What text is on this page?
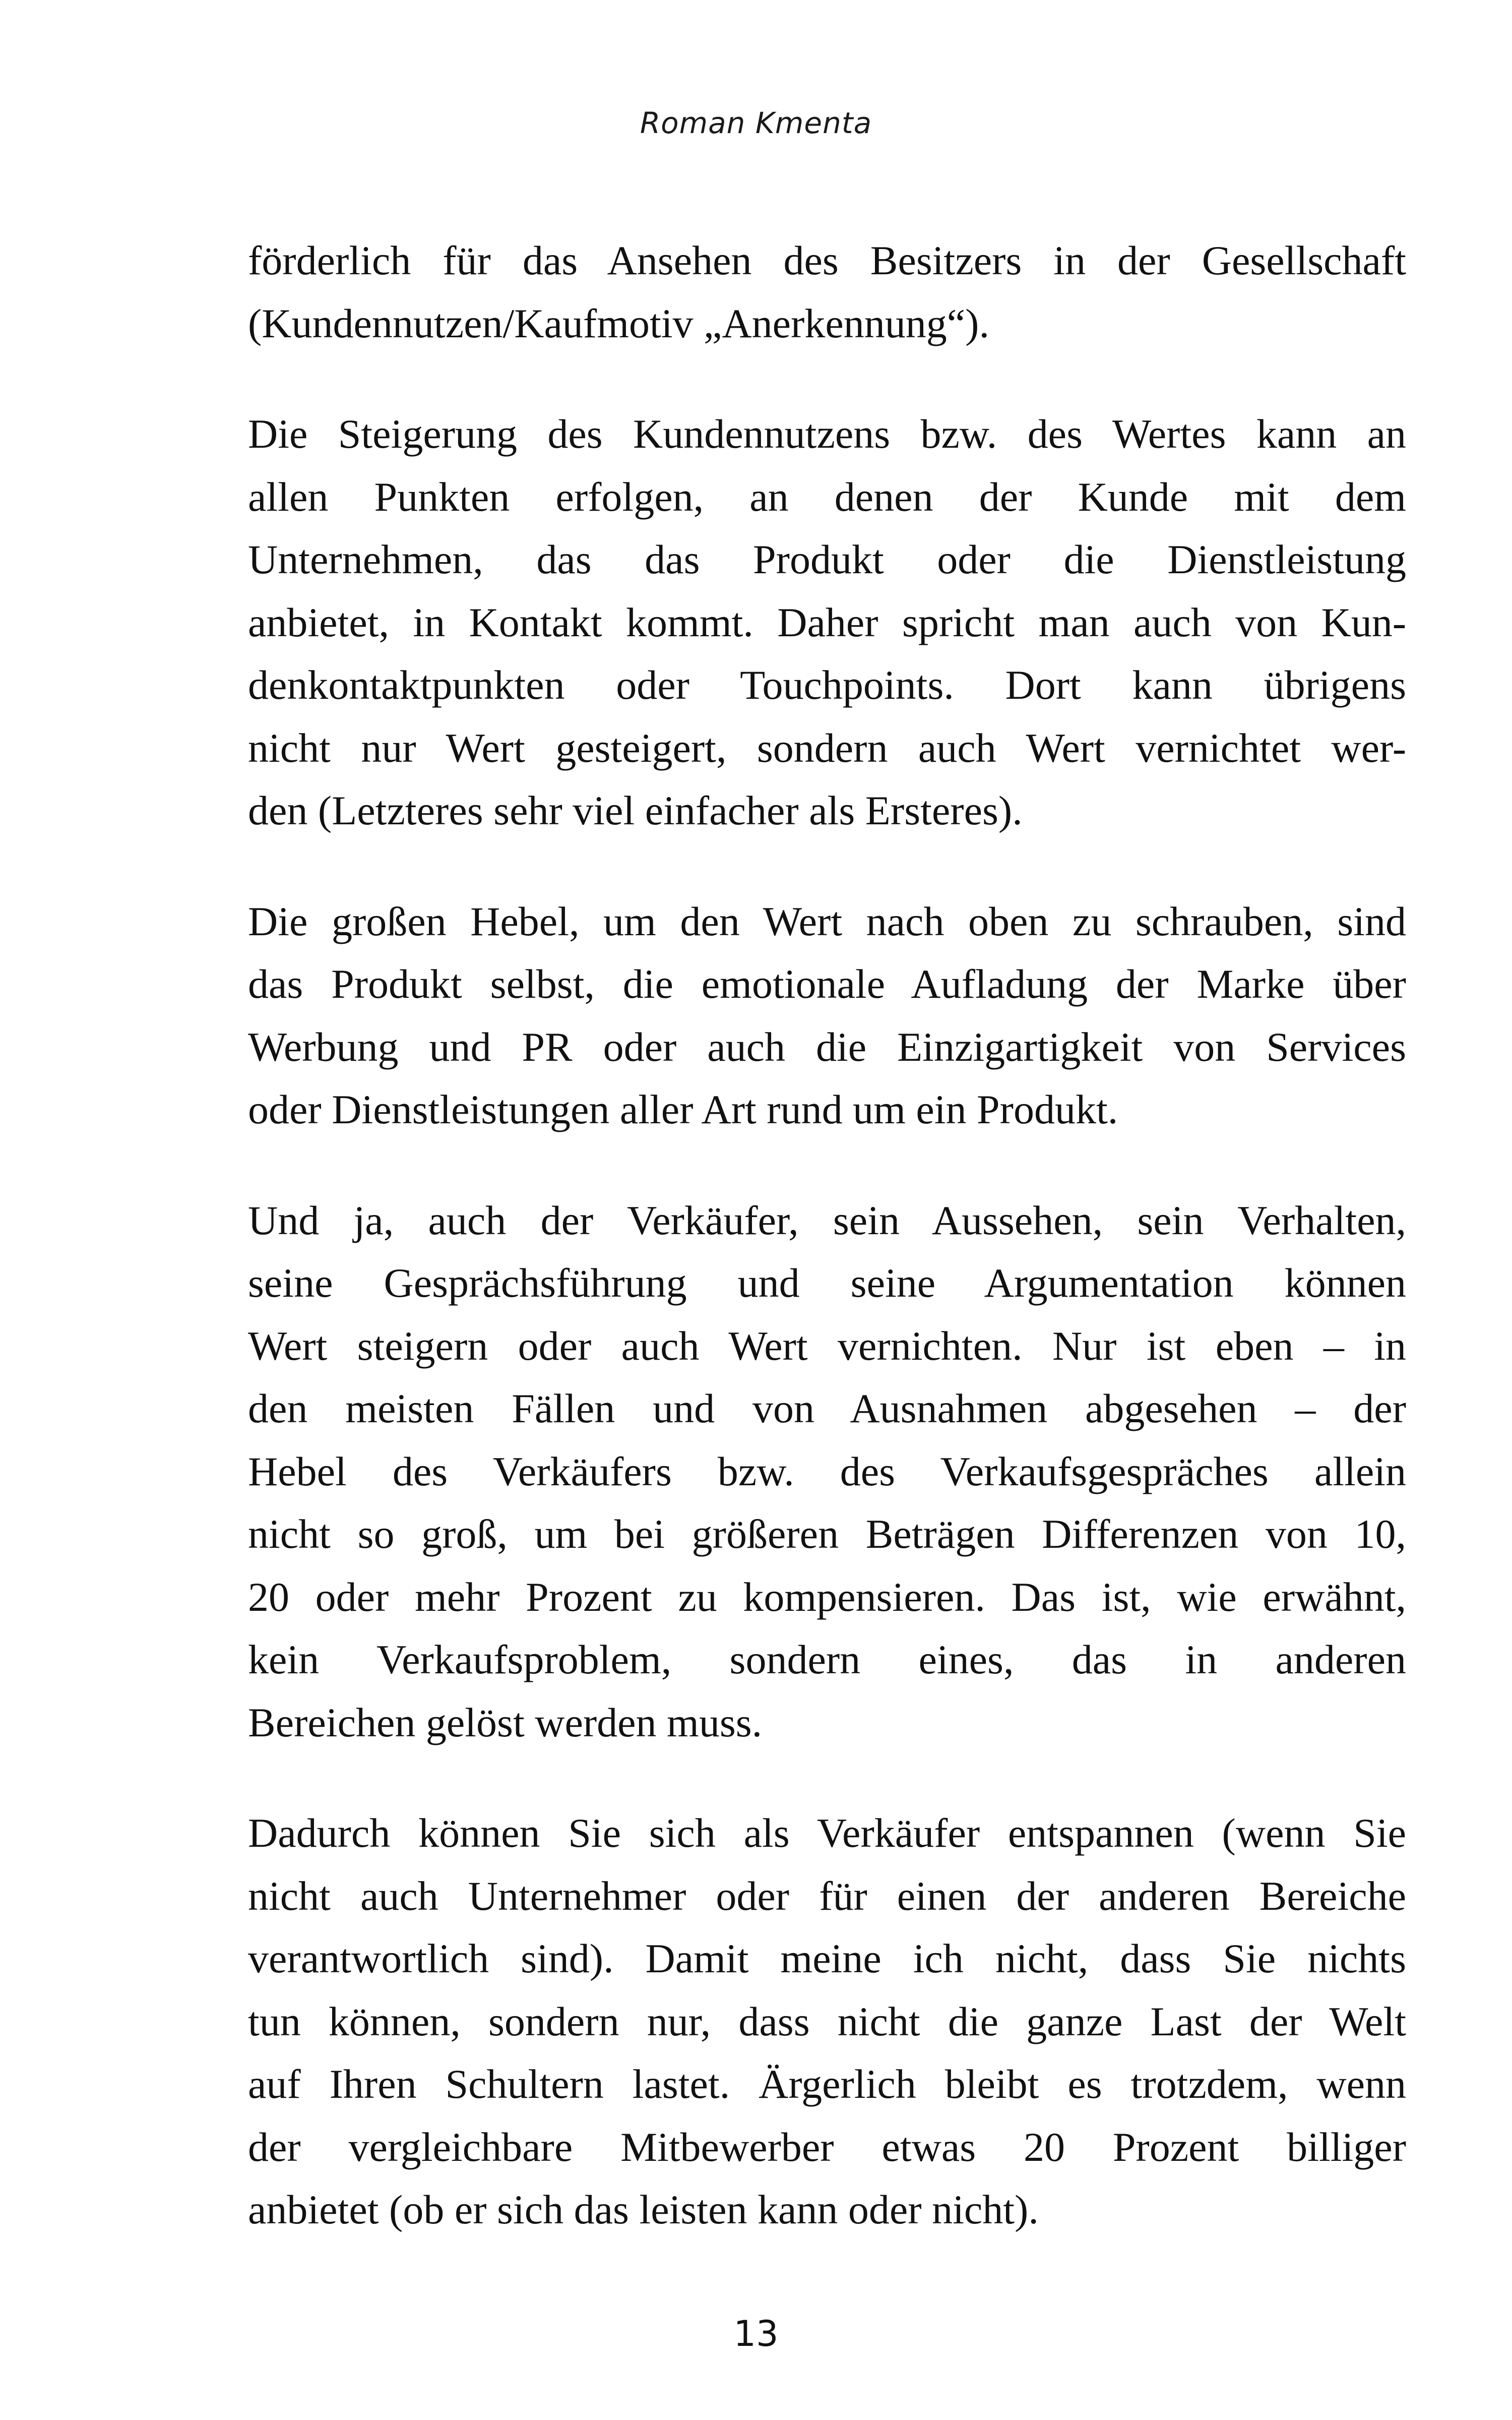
Roman Kmenta

förderlich für das Ansehen des Besitzers in der Gesellschaft
(Kundennutzen/Kaufmotiv „Anerkennung“).

Die Steigerung des Kundennutzens bzw. des Wertes kann an
allen Punkten erfolgen, an denen der Kunde mit dem
Unternehmen, das das Produkt oder die Dienstleistung
anbietet, in Kontakt kommt. Daher spricht man auch von Kun-
denkontaktpunkten oder Touchpoints. Dort kann übrigens
nicht nur Wert gesteigert, sondern auch Wert vernichtet wer-
den (Letzteres sehr viel einfacher als Ersteres).

Die großen Hebel, um den Wert nach oben zu schrauben, sind
das Produkt selbst, die emotionale Aufladung der Marke über
Werbung und PR oder auch die Einzigartigkeit von Services
oder Dienstleistungen aller Art rund um ein Produkt.

Und ja, auch der Verkäufer, sein Aussehen, sein Verhalten,
seine Gesprächsführung und seine Argumentation können
Wert steigern oder auch Wert vernichten. Nur ist eben – in
den meisten Fällen und von Ausnahmen abgesehen – der
Hebel des Verkäufers bzw. des Verkaufsgespräches allein
nicht so groß, um bei größeren Beträgen Differenzen von 10,
20 oder mehr Prozent zu kompensieren. Das ist, wie erwähnt,
kein Verkaufsproblem, sondern eines, das in anderen
Bereichen gelöst werden muss.

Dadurch können Sie sich als Verkäufer entspannen (wenn Sie
nicht auch Unternehmer oder für einen der anderen Bereiche
verantwortlich sind). Damit meine ich nicht, dass Sie nichts
tun können, sondern nur, dass nicht die ganze Last der Welt
auf Ihren Schultern lastet. Ärgerlich bleibt es trotzdem, wenn
der vergleichbare Mitbewerber etwas 20 Prozent billiger
anbietet (ob er sich das leisten kann oder nicht).

13
